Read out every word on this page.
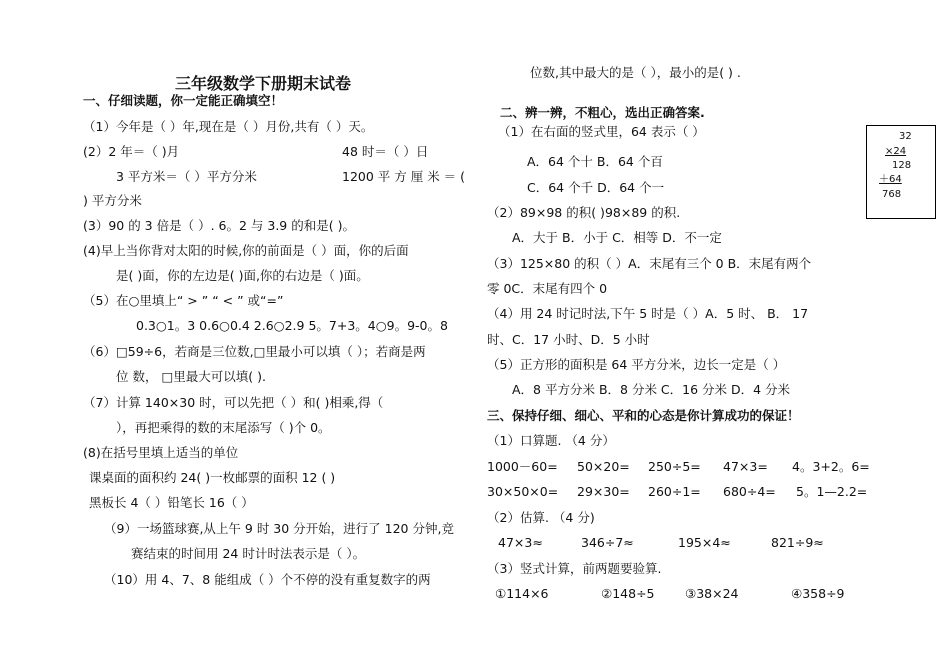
三年级数学下册期末试卷
一、仔细读题，你一定能正确填空！
（1）今年是（ ）年,现在是（ ）月份,共有（ ）天。
(2）2 年＝（ )月	48 时＝（ ）日
3 平方米＝（ ）平方分米	1200 平 方 厘 米 ＝ (
) 平方分米
(3）90 的 3 倍是（ ）. 6。2 与 3.9 的和是( )。
(4)早上当你背对太阳的时候,你的前面是（ ）面，你的后面
是( )面，你的左边是( )面,你的右边是（ )面。
（5）在○里填上“ > ” “ < ” 或“=”
0.3○1。3 0.6○0.4 2.6○2.9 5。7+3。4○9。9-0。8
（6）□59÷6，若商是三位数,□里最小可以填（ ）；若商是两
位 数， □里最大可以填( ).
（7）计算 140×30 时，可以先把（ ）和( )相乘,得（
），再把乘得的数的末尾添写（ )个 0。
(8)在括号里填上适当的单位
课桌面的面积约 24( )一枚邮票的面积 12 ( )
黑板长 4（ ）铅笔长 16（ ）
（9）一场篮球赛,从上午 9 时 30 分开始，进行了 120 分钟,竞
赛结束的时间用 24 时计时法表示是（ ）。
（10）用 4、7、8 能组成（ ）个不停的没有重复数字的两
位数,其中最大的是（ ），最小的是( ) .
二、辨一辨，不粗心，选出正确答案.
（1）在右面的竖式里，64 表示（ ）
A．64 个十 B．64 个百
C．64 个千 D．64 个一
（2）89×98 的积( )98×89 的积.
A．大于 B．小于 C．相等 D．不一定
（3）125×80 的积（ ）A．末尾有三个 0 B．末尾有两个
零 0C．末尾有四个 0
（4）用 24 时记时法,下午 5 时是（ ）A．5 时、 B． 17
时、C．17 小时、D．5 小时
（5）正方形的面积是 64 平方分米，边长一定是（ ）
A．8 平方分米 B．8 分米 C．16 分米 D．4 分米
三、保持仔细、细心、平和的心态是你计算成功的保证！
（1）口算题. （4 分）
1000－60= 50×20= 250÷5= 47×3= 4。3+2。6=
30×50×0= 29×30= 260÷1= 680÷4= 5。1—2.2=
（2）估算. （4 分)
47×3≈	346÷7≈	195×4≈	821÷9≈
（3）竖式计算，前两题要验算.
①114×6	②148÷5 ③38×24	④358÷9
32
×24
128
＋64
768
